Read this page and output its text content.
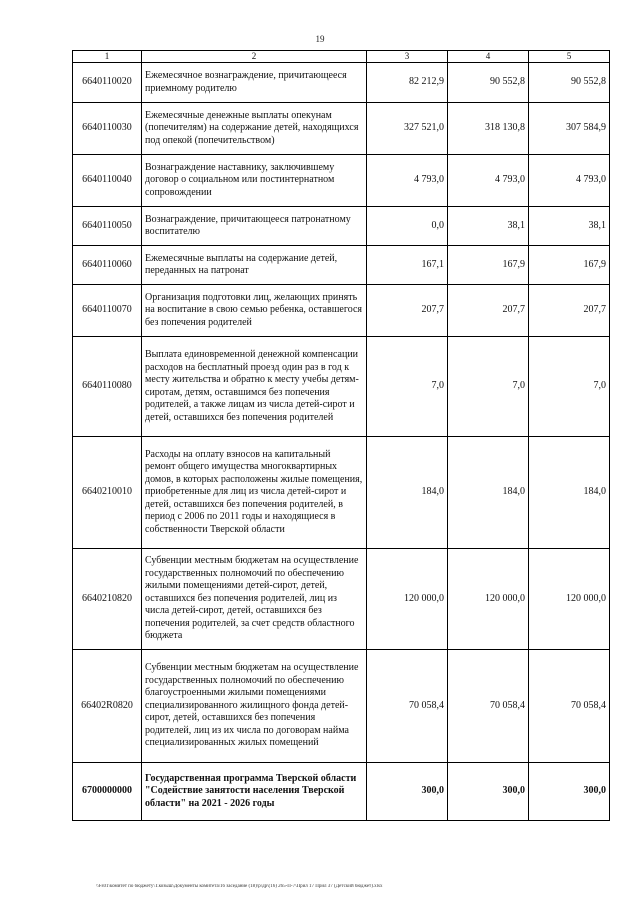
19
1	2	3	4	5
6640110020	Ежемесячное вознаграждение, причитающееся приемному родителю	82 212,9	90 552,8	90 552,8
6640110030	Ежемесячные денежные выплаты опекунам (попечителям) на содержание детей, находящихся под опекой (попечительством)	327 521,0	318 130,8	307 584,9
6640110040	Вознаграждение наставнику, заключившему договор о социальном или постинтернатном сопровождении	4 793,0	4 793,0	4 793,0
6640110050	Вознаграждение, причитающееся патронатному воспитателю	0,0	38,1	38,1
6640110060	Ежемесячные выплаты на содержание детей, переданных на патронат	167,1	167,9	167,9
6640110070	Организация подготовки лиц, желающих принять на воспитание в свою семью ребенка, оставшегося без попечения родителей	207,7	207,7	207,7
6640110080	Выплата единовременной денежной компенсации расходов на бесплатный проезд один раз в год к месту жительства и обратно к месту учебы детям-сиротам, детям, оставшимся без попечения родителей, а также лицам из числа детей-сирот и детей, оставшихся без попечения родителей	7,0	7,0	7,0
6640210010	Расходы на оплату взносов на капитальный ремонт общего имущества многоквартирных домов, в которых расположены жилые помещения, приобретенные для лиц из числа детей-сирот и детей, оставшихся без попечения родителей, в период с 2006 по 2011 годы и находящиеся в собственности Тверской области	184,0	184,0	184,0
6640210820	Субвенции местным бюджетам на осуществление государственных полномочий по обеспечению жилыми помещениями детей-сирот, детей, оставшихся без попечения родителей, лиц из числа детей-сирот, детей, оставшихся без попечения родителей, за счет средств областного бюджета	120 000,0	120 000,0	120 000,0
66402R0820	Субвенции местным бюджетам на осуществление государственных полномочий по обеспечению благоустроенными жилыми помещениями специализированного жилищного фонда детей-сирот, детей, оставшихся без попечения родителей, лиц из их числа по договорам найма специализированных жилых помещений	70 058,4	70 058,4	70 058,4
6700000000	Государственная программа Тверской области "Содействие занятости населения Тверской области" на 2021 - 2026 годы	300,0	300,0	300,0
\\Fs01\комитет по бюджету\Т.козыш\Документы комитета\16 заседание (18)\р\др\(16) 265-П-7\Прил 17 Прил 37 (Детский бюджет).xlsx
